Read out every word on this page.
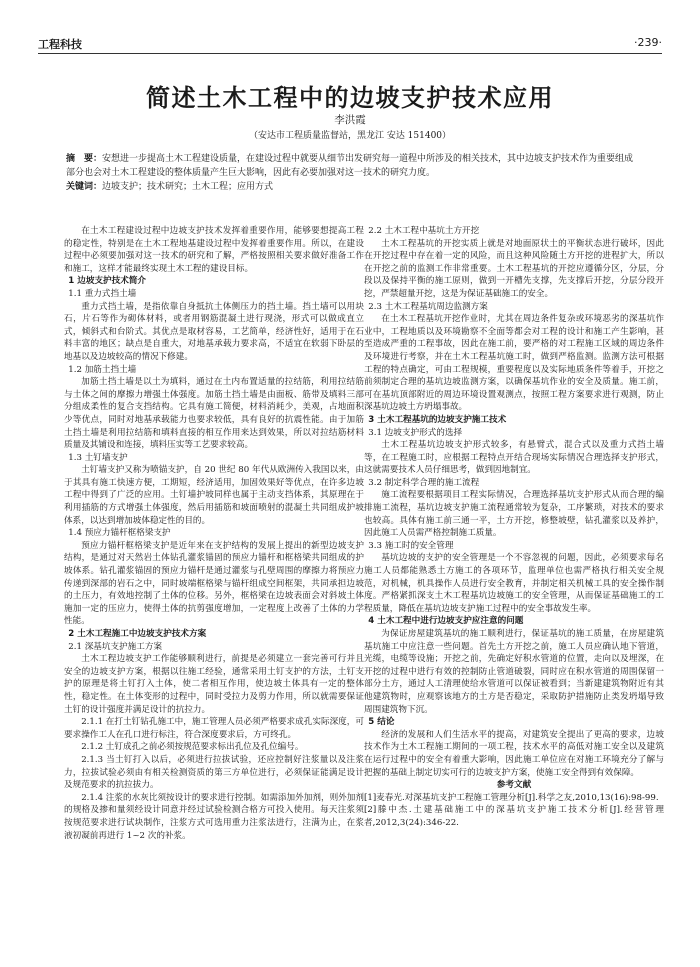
工程科技	·239·
简述土木工程中的边坡支护技术应用
李洪霞
（安达市工程质量监督站，黑龙江 安达 151400）

摘　要：安想进一步提高土木工程建设质量，在建设过程中就要从细节出发研究每一道程中所涉及的相关技术，其中边坡支护技术作为重要组成部分也会对土木工程建设的整体质量产生巨大影响，因此有必要加强对这一技术的研究力度。

关键词：边坡支护；技术研究；土木工程；应用方式

在土木工程建设过程中边坡支护技术发挥着重要作用，能够要想提高工程的稳定性，特别是在土木工程地基建设过程中发挥着重要作用。所以，在建设过程中必须要加强对这一技术的研究和了解，严格按照相关要求做好准备工作和施工，这样才能最终实现土木工程的建设目标。

1 边坡支护技术简介

1.1 重力式挡土墙

重力式挡土墙，是指依靠自身抵抗土体侧压力的挡土墙。挡土墙可以用块石，片石等作为砌体材料，或者用钢筋混凝土进行现浇，形式可以做成直立式，倾斜式和台阶式。其优点是取材容易，工艺简单，经济性好，适用于在石料丰富的地区；缺点是自重大，对地基承载力要求高，不适宜在软弱下卧层的地基以及边坡较高的情况下修建。

1.2 加筋土挡土墙

加筋土挡土墙是以土为填料，通过在土内布置适量的拉结筋，利用拉结筋与土体之间的摩擦力增强土体强度。加筋土挡土墙是由面板、筋带及填料三部分组成柔性的复合支挡结构。它具有施工简便，材料消耗少，美观，占地面积少等优点，同时对地基承载能力也要求较低，具有良好的抗震性能。由于加筋土挡土墙是利用拉结筋和填料直接的相互作用来达到效果，所以对拉结筋材料质量及其铺设和连接，填料压实等工艺要求较高。

1.3 土钉墙支护

土钉墙支护又称为喷锚支护，自 20 世纪 80 年代从欧洲传入我国以来，由于其具有施工快速方便，工期短，经济适用，加固效果好等优点，在许多边坡工程中得到了广泛的应用。土钉墙护坡同样也属于主动支挡体系，其原理在于利用插筋的方式增强土体强度，然后用插筋和坡面喷射的混凝土共同组成护坡体系，以达到增加坡体稳定性的目的。

1.4 预应力锚杆框格梁支护

预应力锚杆框格梁支护是近年来在支护结构的发展上提出的新型边坡支护结构，是通过对天然岩土体钻孔灌浆锚固的预应力锚杆和框格梁共同组成的护坡体系。钻孔灌浆锚固的预应力锚杆是通过灌浆与孔壁周围的摩擦力将预应力传递到深部的岩石之中，同时坡端框格梁与锚杆组成空间框架，共同承担边坡的土压力，有效地控制了土体的位移。另外，框格梁在边坡表面会对斜坡土体施加一定的压应力，使得土体的抗剪强度增加，一定程度上改善了土体的力学性能。

2 土木工程施工中边坡支护技术方案

2.1 深基坑支护施工方案

土木工程边坡支护工作能够顺利进行，前提是必须建立一套完善可行并且安全的边坡支护方案，根据以往施工经验，通常采用土钉支护的方法，土钉支护的原理是将土钉打入土体，使二者相互作用，使边坡土体具有一定的整体性，稳定性。在土体变形的过程中，同时受拉力及剪力作用，所以就需要保证土钉的设计强度并满足设计的抗拉力。

2.1.1 在打土钉钻孔施工中，施工管理人员必须严格要求成孔实际深度，可要求操作工人在孔口进行标注，符合深度要求后，方可终孔。

2.1.2 土钉成孔之前必须按规范要求标出孔位及孔位编号。

2.1.3 当土钉打入以后，必须进行拉拔试验，还应控制好注浆量以及注浆力，拉拔试验必须由有相关检测资质的第三方单位进行，必须保证能满足设计及规范要求的抗拉拔力。

2.1.4 注浆的水灰比须按设计的要求进行控制。如需添加外加剂，则外加剂的规格及掺和量须经设计同意并经过试验检测合格方可投入使用。每天注浆须按规范要求进行试块制作，注浆方式可选用重力注浆法进行，注满为止，在浆液初凝前再进行 1~2 次的补浆。

2.2 土木工程中基坑土方开挖

土木工程基坑的开挖实质上就是对地面原状土的平衡状态进行破坏，因此在开挖过程中存在着一定的风险，而且这种风险随土方开挖的进程扩大，所以在开挖之前的监测工作非常重要。土木工程基坑的开挖应遵循分区，分层，分段以及保持平衡的施工原则，做到一开槽先支撑，先支撑后开挖，分层分段开挖，严禁超量开挖，这是为保证基础施工的安全。

2.3 土木工程基坑周边监测方案

在土木工程基坑开挖作业时，尤其在周边条件复杂或环境恶劣的深基坑作业中，工程地质以及环境勘察不全面等都会对工程的设计和施工产生影响，甚至造成严重的工程事故，因此在施工前，要严格的对工程施工区域的周边条件及环境进行考察，并在土木工程基坑施工时，做到严格监测。监测方法可根据工程的特点确定，可由工程规模，重要程度以及实际地质条件等着手，开挖之前须制定合理的基坑边坡监测方案，以确保基坑作业的安全及质量。施工前，可在基坑顶部附近的周边环境设置观测点，按照工程方案要求进行观测，防止深基坑边坡土方坍塌事故。

3 土木工程基坑的边坡支护施工技术

3.1 边坡支护形式的选择

土木工程基坑边坡支护形式较多，有悬臂式，混合式以及重力式挡土墙等，在工程施工时，应根据工程特点开结合现场实际情况合理选择支护形式，这就需要技术人员仔细思考，做到因地制宜。

3.2 制定科学合理的施工流程

施工流程要根据项目工程实际情况，合理选择基坑支护形式从而合理的编排施工流程，基坑边坡支护施工流程通常较为复杂，工序繁琐，对技术的要求也较高。具体有施工前三通一平，土方开挖，修整坡壁，钻孔灌浆以及养护，因此施工人员需严格控制施工质量。

3.3 施工时的安全管理

基坑边坡的支护的安全管理是一个不容忽视的问题，因此，必须要求每名施工人员都能熟悉土方施工的各项环节，监理单位也需严格执行相关安全规范，对机械，机具操作人员进行安全教育，并制定相关机械工具的安全操作制度。严格紧抓深支土木工程基坑边坡施工的安全管理，从而保证基础施工的工程质量，降低在基坑边坡支护施工过程中的安全事故发生率。

4 土木工程中进行边坡支护应注意的问题

为保证房屋建筑基坑的施工顺利进行，保证基坑的施工质量，在房屋建筑基坑施工中应注意一些问题。首先土方开挖之前，施工人员应确认地下管道，光缆，电缆等设施；开挖之前，先确定好积水管道的位置，走向以及埋深，在开挖的过程中进行有效的控制防止管道破裂，同时应在积水管道的周围保留一部分土方，通过人工清理使给水管道可以保证被看到；当新建建筑物附近有其他建筑物时，应观察该地方的土方是否稳定，采取防护措施防止类发坍塌导致周围建筑物下沉。

5 结论

经济的发展和人们生活水平的提高，对建筑安全提出了更高的要求，边坡技术作为土木工程施工期间的一项工程，技术水平的高低对施工安全以及建筑在运行过程中的安全有着重大影响，因此施工单位应在对施工环境充分了解与把握的基础上制定切实可行的边坡支护方案，使施工安全得到有效保障。

参考文献

[1]麦春光.对深基坑支护工程施工管理分析[J].科学之友,2010,13(16):98-99.

[2]滕中杰.土建基础施工中的深基坑支护施工技术分析[J].经营管理者,2012,3(24):346-22.
